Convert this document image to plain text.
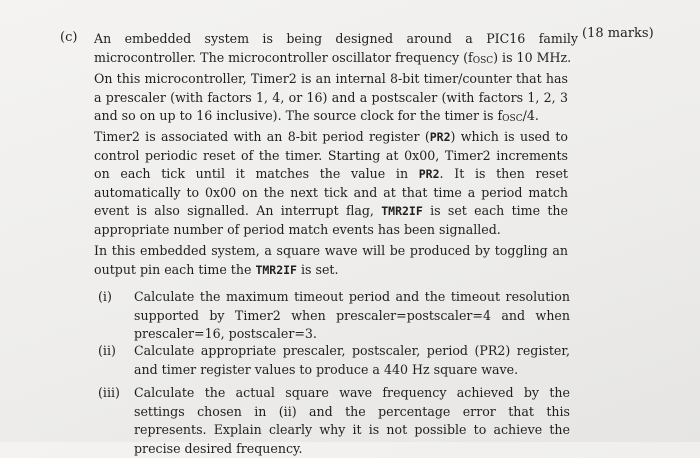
(c)	(18 marks)
An embedded system is being designed around a PIC16 family microcontroller. The microcontroller oscillator frequency (fOSC) is 10 MHz.
On this microcontroller, Timer2 is an internal 8-bit timer/counter that has a prescaler (with factors 1, 4, or 16) and a postscaler (with factors 1, 2, 3 and so on up to 16 inclusive). The source clock for the timer is fOSC/4.
Timer2 is associated with an 8-bit period register (PR2) which is used to control periodic reset of the timer. Starting at 0x00, Timer2 increments on each tick until it matches the value in PR2. It is then reset automatically to 0x00 on the next tick and at that time a period match event is also signalled. An interrupt flag, TMR2IF is set each time the appropriate number of period match events has been signalled.
In this embedded system, a square wave will be produced by toggling an output pin each time the TMR2IF is set.
(i) Calculate the maximum timeout period and the timeout resolution supported by Timer2 when prescaler=postscaler=4 and when prescaler=16, postscaler=3.
(ii) Calculate appropriate prescaler, postscaler, period (PR2) register, and timer register values to produce a 440 Hz square wave.
(iii) Calculate the actual square wave frequency achieved by the settings chosen in (ii) and the percentage error that this represents. Explain clearly why it is not possible to achieve the precise desired frequency.
